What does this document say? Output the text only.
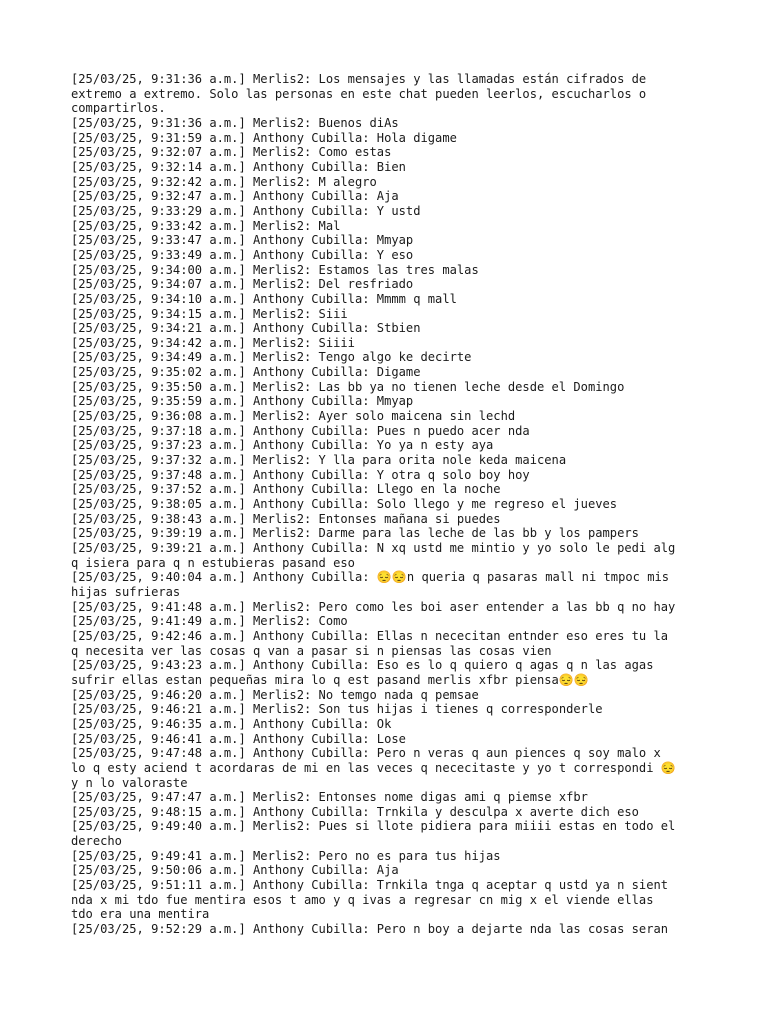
[25/03/25, 9:31:36 a.m.] Merlis2: Los mensajes y las llamadas están cifrados de
extremo a extremo. Solo las personas en este chat pueden leerlos, escucharlos o
compartirlos.
[25/03/25, 9:31:36 a.m.] Merlis2: Buenos diAs
[25/03/25, 9:31:59 a.m.] Anthony Cubilla: Hola digame
[25/03/25, 9:32:07 a.m.] Merlis2: Como estas
[25/03/25, 9:32:14 a.m.] Anthony Cubilla: Bien
[25/03/25, 9:32:42 a.m.] Merlis2: M alegro
[25/03/25, 9:32:47 a.m.] Anthony Cubilla: Aja
[25/03/25, 9:33:29 a.m.] Anthony Cubilla: Y ustd
[25/03/25, 9:33:42 a.m.] Merlis2: Mal
[25/03/25, 9:33:47 a.m.] Anthony Cubilla: Mmyap
[25/03/25, 9:33:49 a.m.] Anthony Cubilla: Y eso
[25/03/25, 9:34:00 a.m.] Merlis2: Estamos las tres malas
[25/03/25, 9:34:07 a.m.] Merlis2: Del resfriado
[25/03/25, 9:34:10 a.m.] Anthony Cubilla: Mmmm q mall
[25/03/25, 9:34:15 a.m.] Merlis2: Siii
[25/03/25, 9:34:21 a.m.] Anthony Cubilla: Stbien
[25/03/25, 9:34:42 a.m.] Merlis2: Siiii
[25/03/25, 9:34:49 a.m.] Merlis2: Tengo algo ke decirte
[25/03/25, 9:35:02 a.m.] Anthony Cubilla: Digame
[25/03/25, 9:35:50 a.m.] Merlis2: Las bb ya no tienen leche desde el Domingo
[25/03/25, 9:35:59 a.m.] Anthony Cubilla: Mmyap
[25/03/25, 9:36:08 a.m.] Merlis2: Ayer solo maicena sin lechd
[25/03/25, 9:37:18 a.m.] Anthony Cubilla: Pues n puedo acer nda
[25/03/25, 9:37:23 a.m.] Anthony Cubilla: Yo ya n esty aya
[25/03/25, 9:37:32 a.m.] Merlis2: Y lla para orita nole keda maicena
[25/03/25, 9:37:48 a.m.] Anthony Cubilla: Y otra q solo boy hoy
[25/03/25, 9:37:52 a.m.] Anthony Cubilla: Llego en la noche
[25/03/25, 9:38:05 a.m.] Anthony Cubilla: Solo llego y me regreso el jueves
[25/03/25, 9:38:43 a.m.] Merlis2: Entonses mañana si puedes
[25/03/25, 9:39:19 a.m.] Merlis2: Darme para las leche de las bb y los pampers
[25/03/25, 9:39:21 a.m.] Anthony Cubilla: N xq ustd me mintio y yo solo le pedi alg
q isiera para q n estubieras pasand eso
[25/03/25, 9:40:04 a.m.] Anthony Cubilla: 😔😔n queria q pasaras mall ni tmpoc mis
hijas sufrieras
[25/03/25, 9:41:48 a.m.] Merlis2: Pero como les boi aser entender a las bb q no hay
[25/03/25, 9:41:49 a.m.] Merlis2: Como
[25/03/25, 9:42:46 a.m.] Anthony Cubilla: Ellas n nececitan entnder eso eres tu la
q necesita ver las cosas q van a pasar si n piensas las cosas vien
[25/03/25, 9:43:23 a.m.] Anthony Cubilla: Eso es lo q quiero q agas q n las agas
sufrir ellas estan pequeñas mira lo q est pasand merlis xfbr piensa😔😔
[25/03/25, 9:46:20 a.m.] Merlis2: No temgo nada q pemsae
[25/03/25, 9:46:21 a.m.] Merlis2: Son tus hijas i tienes q corresponderle
[25/03/25, 9:46:35 a.m.] Anthony Cubilla: Ok
[25/03/25, 9:46:41 a.m.] Anthony Cubilla: Lose
[25/03/25, 9:47:48 a.m.] Anthony Cubilla: Pero n veras q aun piences q soy malo x
lo q esty aciend t acordaras de mi en las veces q nececitaste y yo t correspondi 😔
y n lo valoraste
[25/03/25, 9:47:47 a.m.] Merlis2: Entonses nome digas ami q piemse xfbr
[25/03/25, 9:48:15 a.m.] Anthony Cubilla: Trnkila y desculpa x averte dich eso
[25/03/25, 9:49:40 a.m.] Merlis2: Pues si llote pidiera para miiii estas en todo el
derecho
[25/03/25, 9:49:41 a.m.] Merlis2: Pero no es para tus hijas
[25/03/25, 9:50:06 a.m.] Anthony Cubilla: Aja
[25/03/25, 9:51:11 a.m.] Anthony Cubilla: Trnkila tnga q aceptar q ustd ya n sient
nda x mi tdo fue mentira esos t amo y q ivas a regresar cn mig x el viende ellas
tdo era una mentira
[25/03/25, 9:52:29 a.m.] Anthony Cubilla: Pero n boy a dejarte nda las cosas seran
